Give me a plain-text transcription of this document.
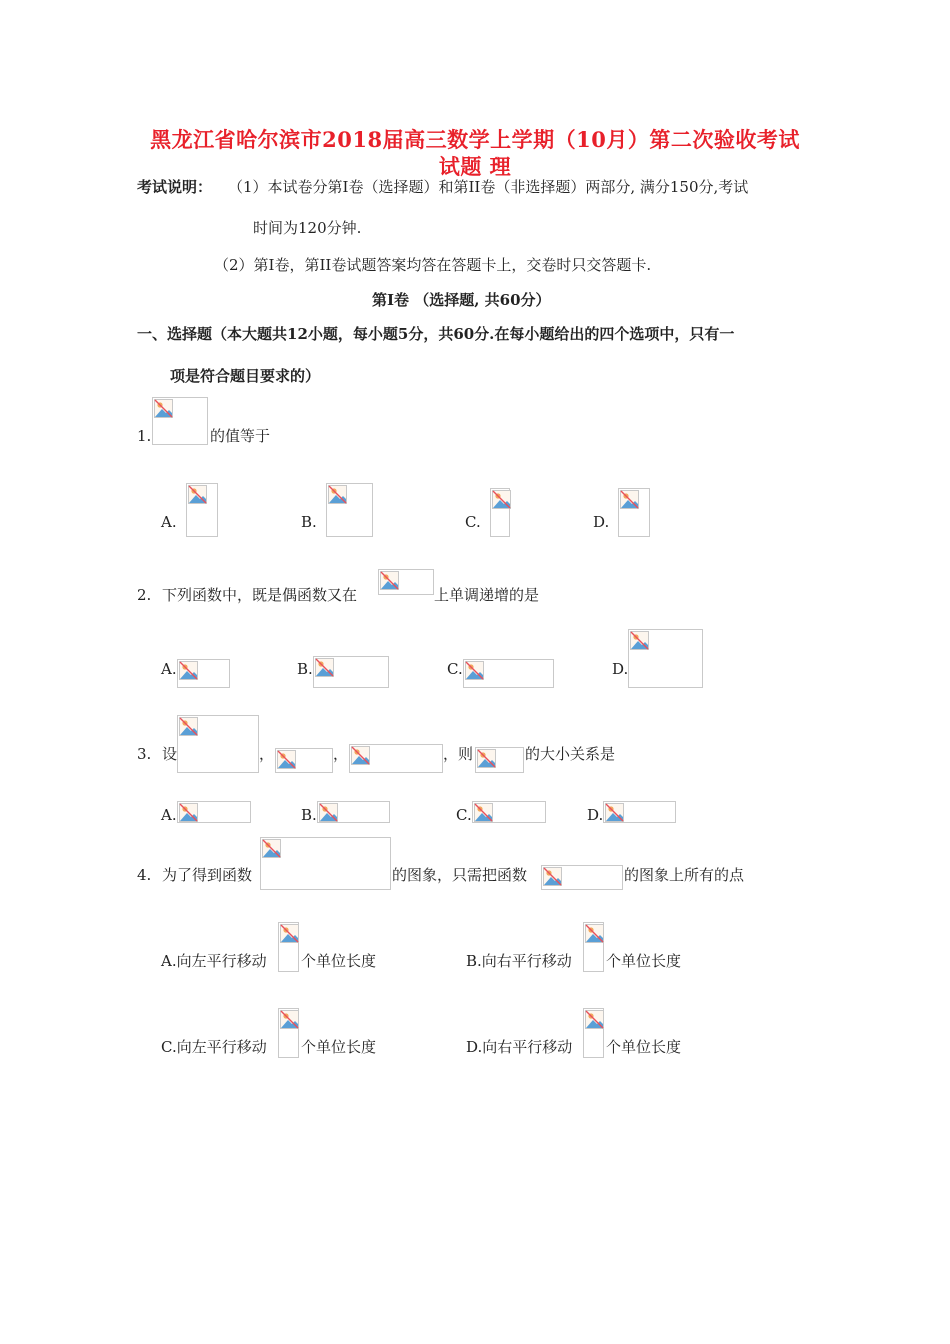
黑龙江省哈尔滨市2018届高三数学上学期（10月）第二次验收考试
试题 理
考试说明： （1）本试卷分第I卷（选择题）和第II卷（非选择题）两部分, 满分150分,考试
时间为120分钟.
（2）第I卷，第II卷试题答案均答在答题卡上，交卷时只交答题卡.
第I卷 （选择题, 共60分）
一、选择题（本大题共12小题，每小题5分，共60分.在每小题给出的四个选项中，只有一
项是符合题目要求的）
1.	的值等于
A.	B.	C.	D.
2. 下列函数中，既是偶函数又在	上单调递增的是
A.	B.	C.	D.
3. 设	，	，	，则	的大小关系是
A.	B.	C.	D.
4. 为了得到函数	的图象，只需把函数	的图象上所有的点
A.向左平行移动 个单位长度	B.向右平行移动 个单位长度
C.向左平行移动 个单位长度	D.向右平行移动 个单位长度
